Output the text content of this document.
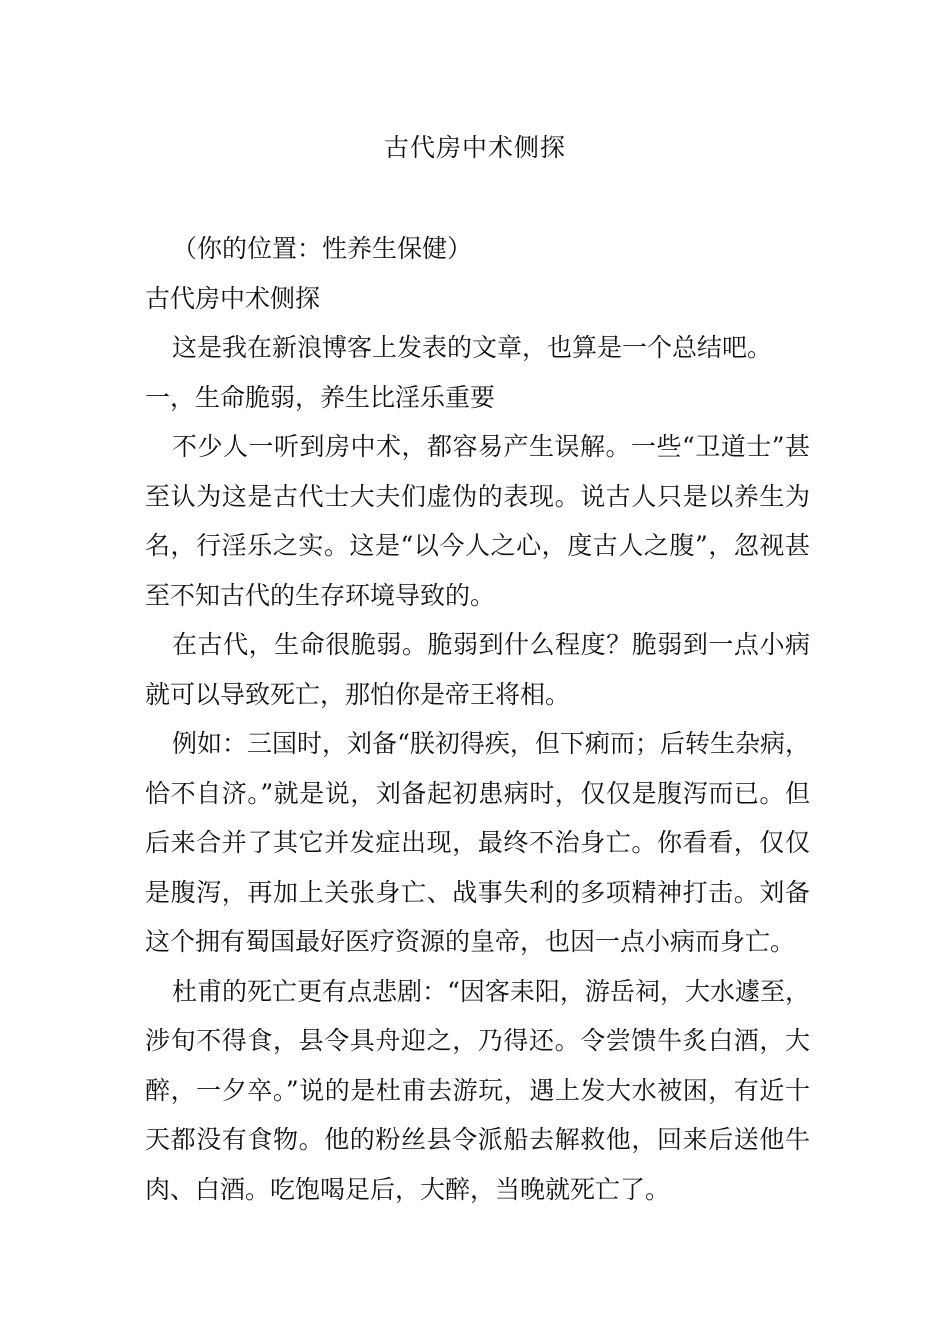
古代房中术侧探

（你的位置：性养生保健）

古代房中术侧探

这是我在新浪博客上发表的文章，也算是一个总结吧。

一，生命脆弱，养生比淫乐重要

不少人一听到房中术，都容易产生误解。一些“卫道士”甚至认为这是古代士大夫们虚伪的表现。说古人只是以养生为名，行淫乐之实。这是“以今人之心，度古人之腹”，忽视甚至不知古代的生存环境导致的。

在古代，生命很脆弱。脆弱到什么程度？脆弱到一点小病就可以导致死亡，那怕你是帝王将相。

例如：三国时，刘备“朕初得疾，但下痢而；后转生杂病，恰不自济。”就是说，刘备起初患病时，仅仅是腹泻而已。但后来合并了其它并发症出现，最终不治身亡。你看看，仅仅是腹泻，再加上关张身亡、战事失利的多项精神打击。刘备这个拥有蜀国最好医疗资源的皇帝，也因一点小病而身亡。

杜甫的死亡更有点悲剧：“因客耒阳，游岳祠，大水遽至，涉旬不得食，县令具舟迎之，乃得还。令尝馈牛炙白酒，大醉，一夕卒。”说的是杜甫去游玩，遇上发大水被困，有近十天都没有食物。他的粉丝县令派船去解救他，回来后送他牛肉、白酒。吃饱喝足后，大醉，当晚就死亡了。
